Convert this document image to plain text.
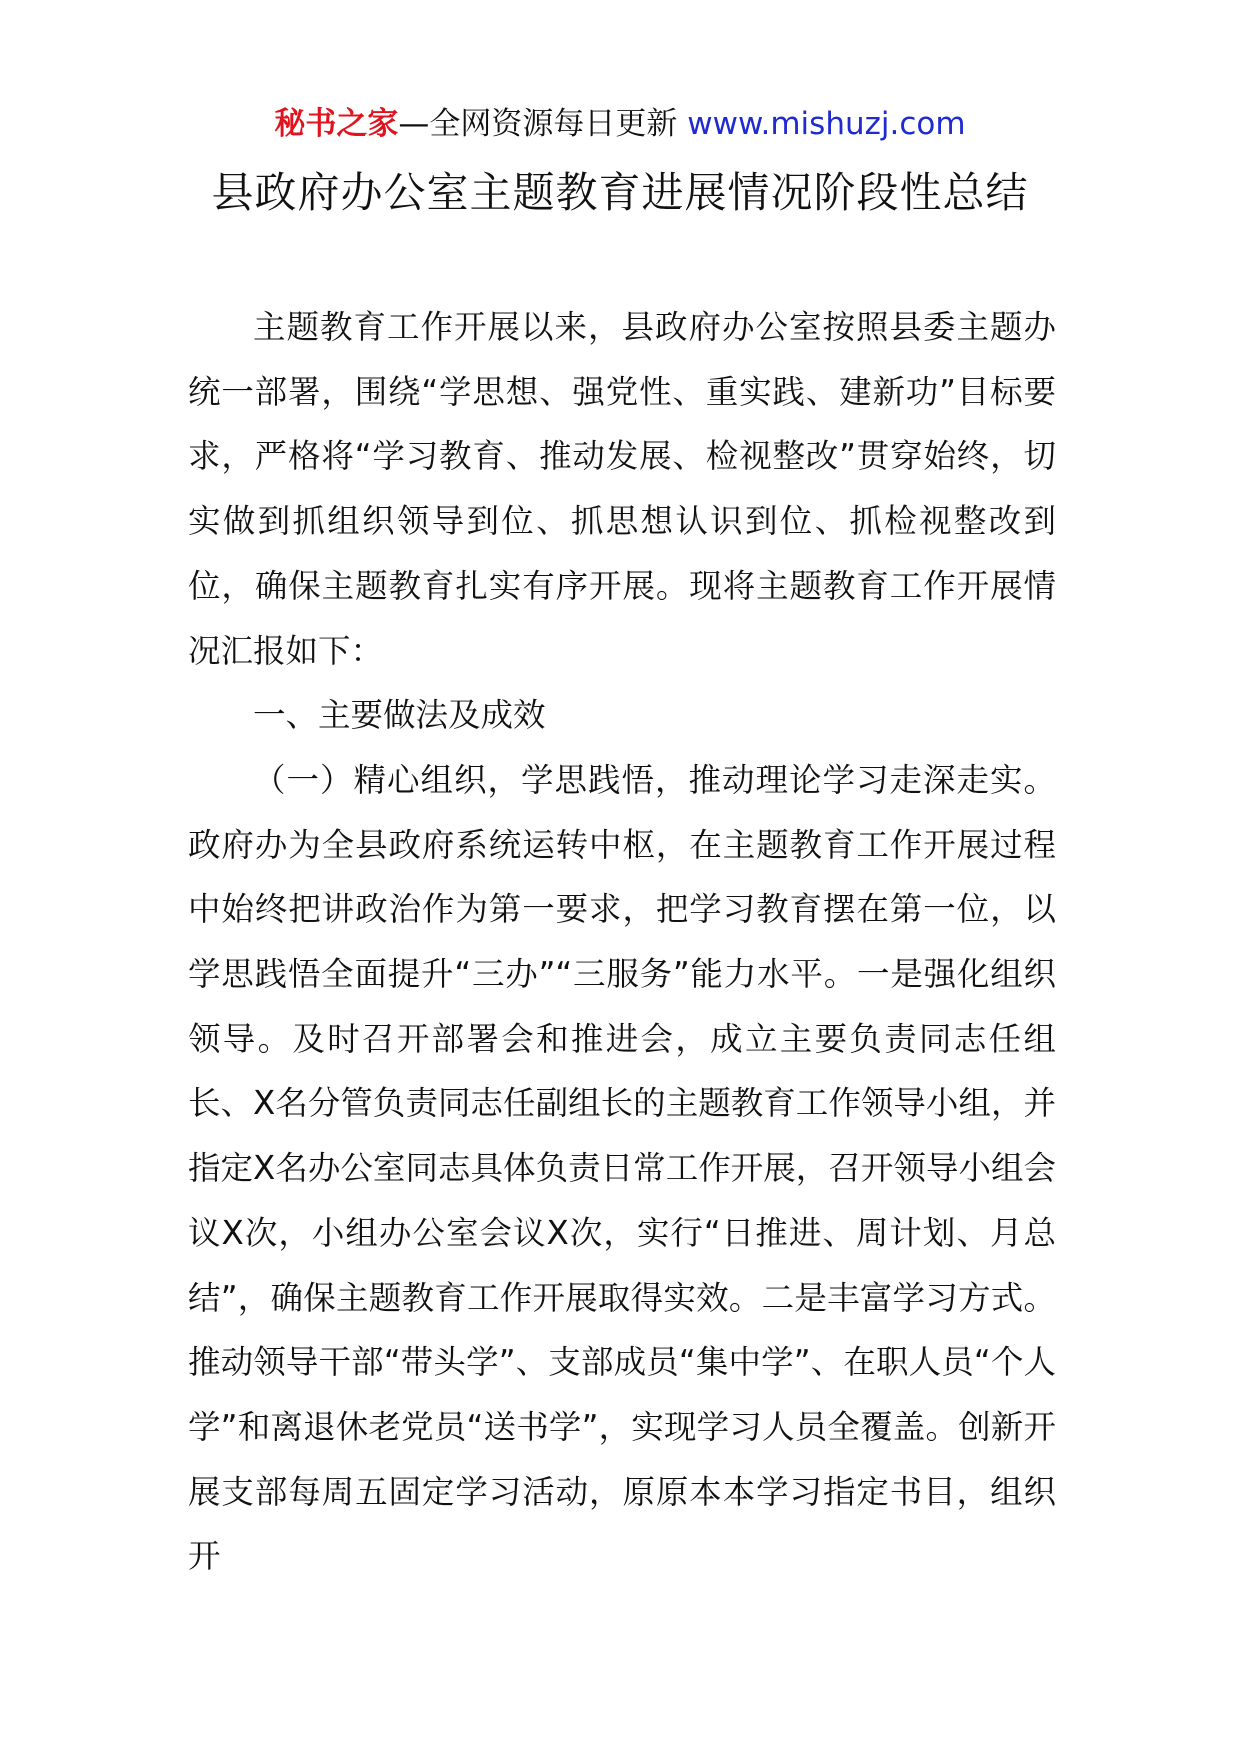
秘书之家—全网资源每日更新 www.mishuzj.com
县政府办公室主题教育进展情况阶段性总结

主题教育工作开展以来，县政府办公室按照县委主题办统一部署，围绕“学思想、强党性、重实践、建新功”目标要求，严格将“学习教育、推动发展、检视整改”贯穿始终，切实做到抓组织领导到位、抓思想认识到位、抓检视整改到位，确保主题教育扎实有序开展。现将主题教育工作开展情况汇报如下：

一、主要做法及成效

（一）精心组织，学思践悟，推动理论学习走深走实。政府办为全县政府系统运转中枢，在主题教育工作开展过程中始终把讲政治作为第一要求，把学习教育摆在第一位，以学思践悟全面提升“三办”“三服务”能力水平。一是强化组织领导。及时召开部署会和推进会，成立主要负责同志任组长、X名分管负责同志任副组长的主题教育工作领导小组，并指定X名办公室同志具体负责日常工作开展，召开领导小组会议X次，小组办公室会议X次，实行“日推进、周计划、月总结”，确保主题教育工作开展取得实效。二是丰富学习方式。推动领导干部“带头学”、支部成员“集中学”、在职人员“个人学”和离退休老党员“送书学”，实现学习人员全覆盖。创新开展支部每周五固定学习活动，原原本本学习指定书目，组织开
